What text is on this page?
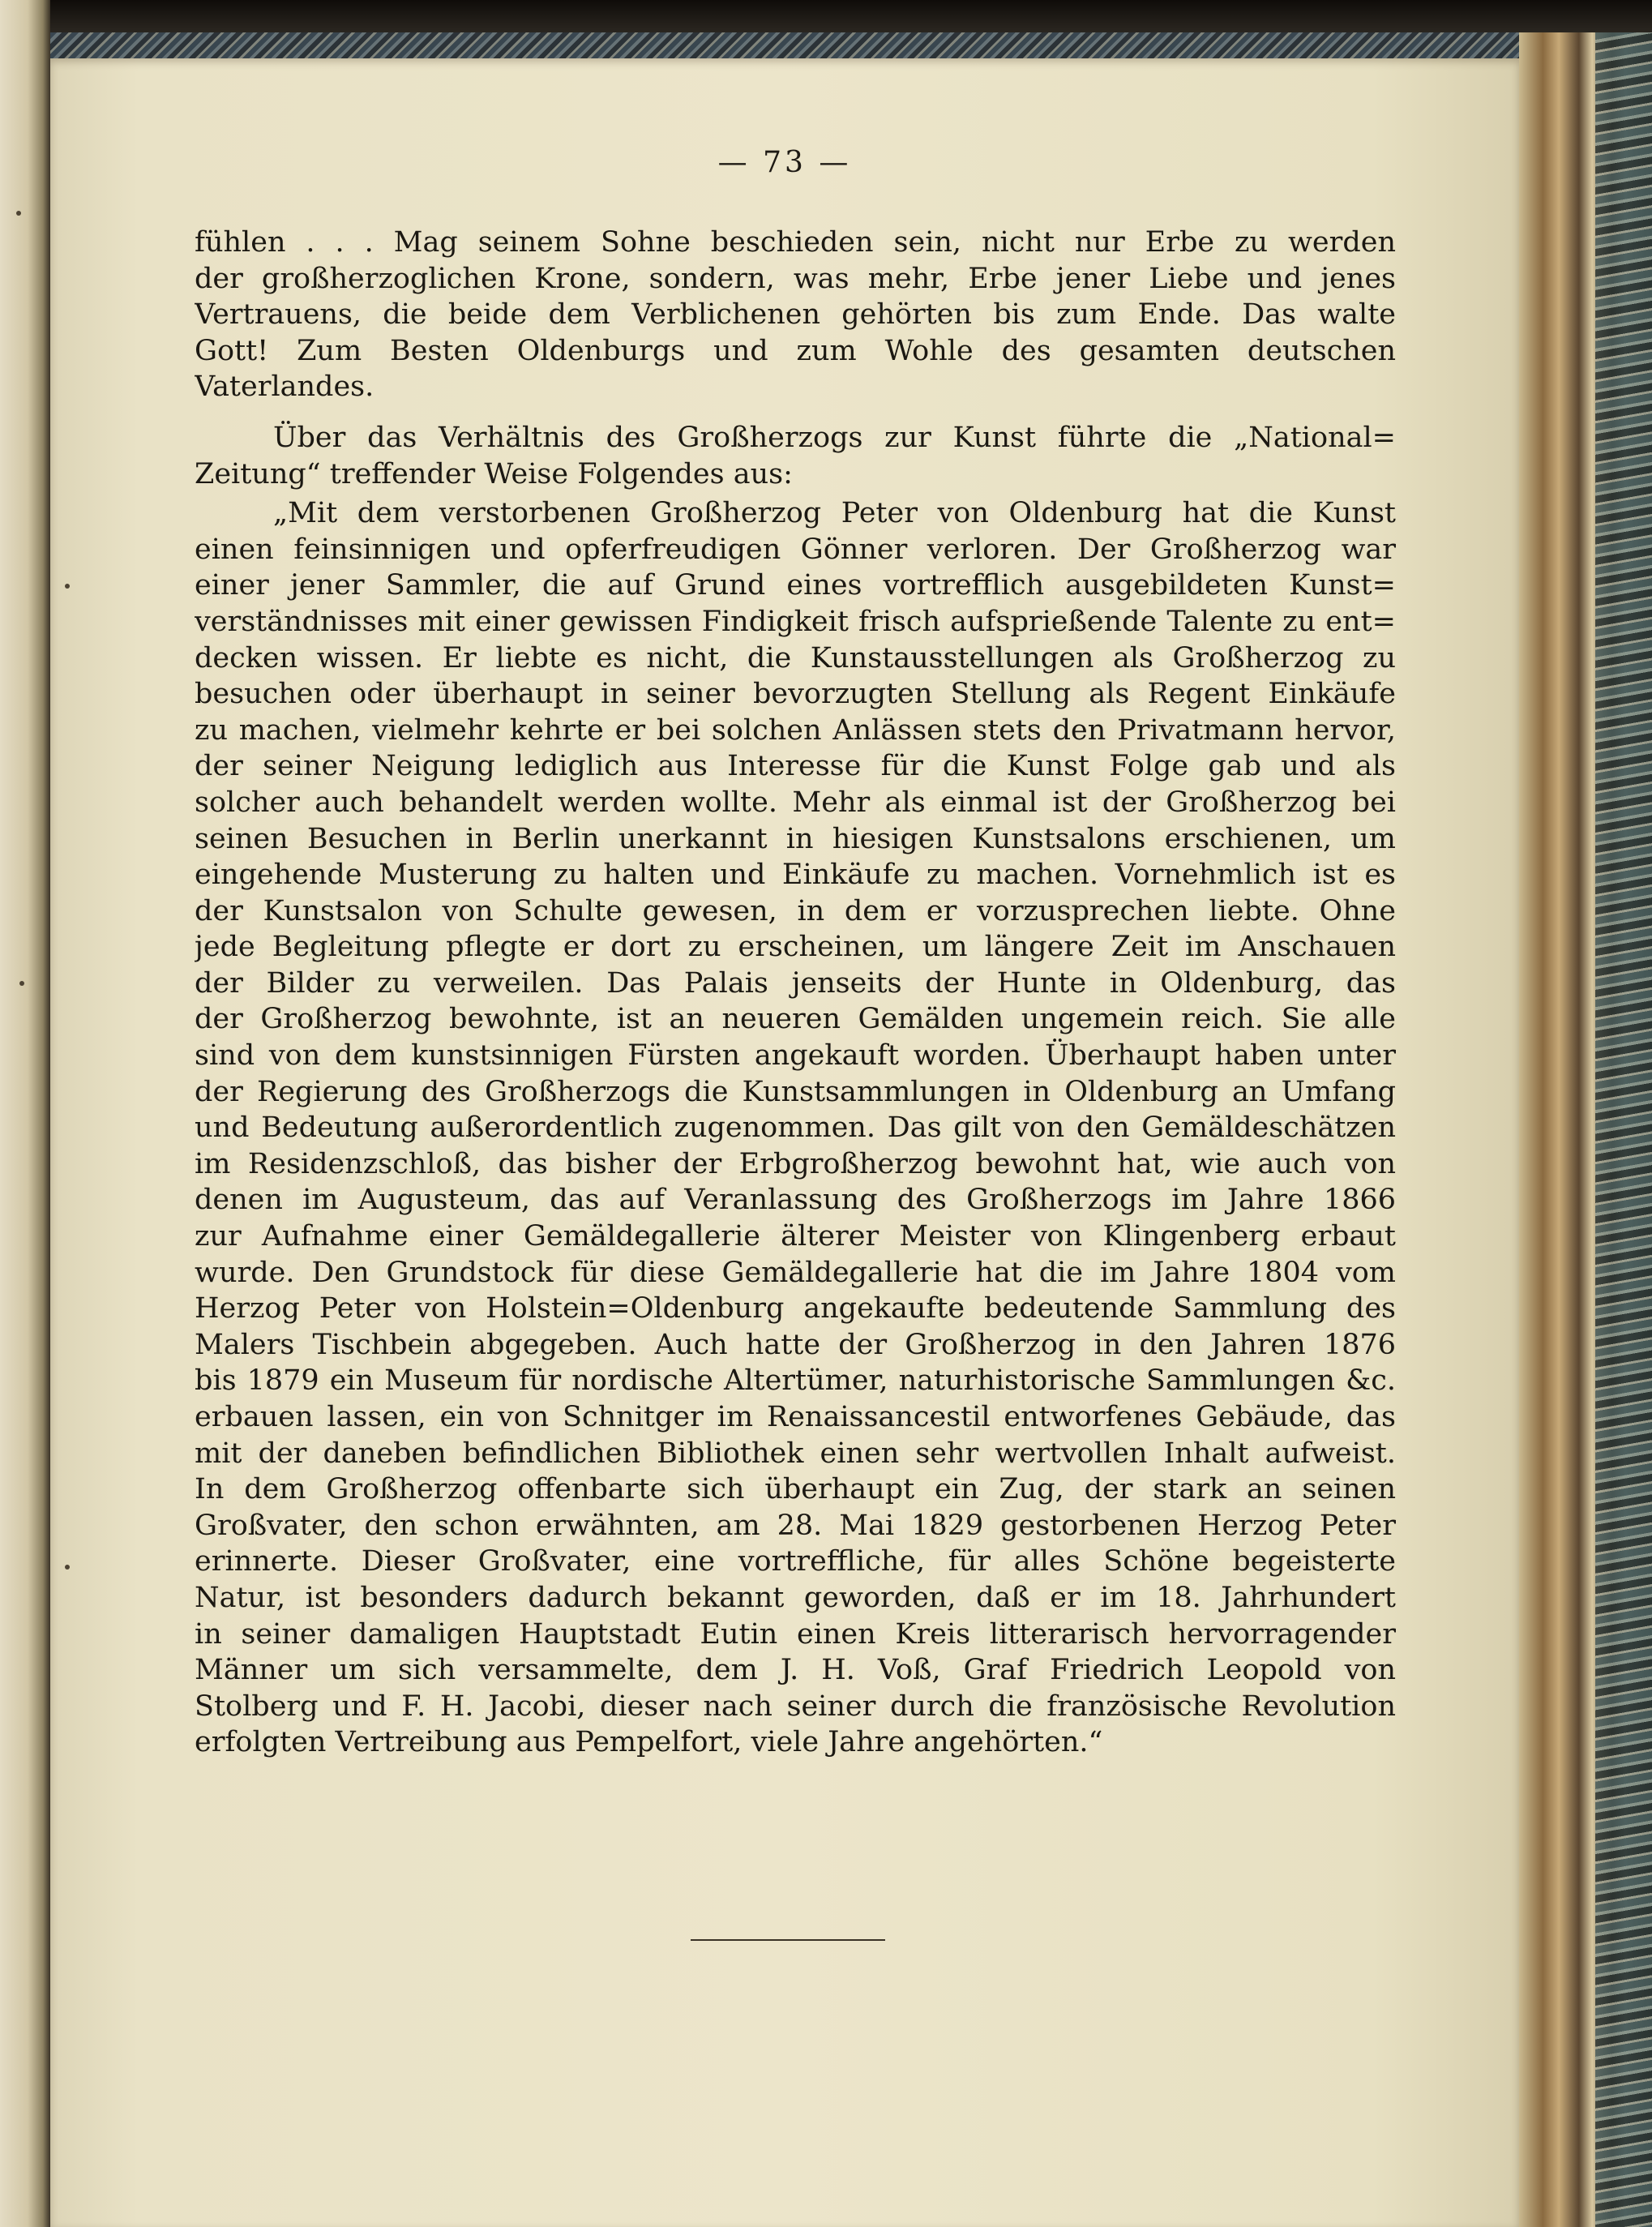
— 73 —
fühlen . . . Mag seinem Sohne beschieden sein, nicht nur Erbe zu werden
der großherzoglichen Krone, sondern, was mehr, Erbe jener Liebe und jenes
Vertrauens, die beide dem Verblichenen gehörten bis zum Ende. Das walte
Gott! Zum Besten Oldenburgs und zum Wohle des gesamten deutschen
Vaterlandes.
Über das Verhältnis des Großherzogs zur Kunst führte die „National=
Zeitung“ treffender Weise Folgendes aus:
„Mit dem verstorbenen Großherzog Peter von Oldenburg hat die Kunst
einen feinsinnigen und opferfreudigen Gönner verloren. Der Großherzog war
einer jener Sammler, die auf Grund eines vortrefflich ausgebildeten Kunst=
verständnisses mit einer gewissen Findigkeit frisch aufsprießende Talente zu ent=
decken wissen. Er liebte es nicht, die Kunstausstellungen als Großherzog zu
besuchen oder überhaupt in seiner bevorzugten Stellung als Regent Einkäufe
zu machen, vielmehr kehrte er bei solchen Anlässen stets den Privatmann hervor,
der seiner Neigung lediglich aus Interesse für die Kunst Folge gab und als
solcher auch behandelt werden wollte. Mehr als einmal ist der Großherzog bei
seinen Besuchen in Berlin unerkannt in hiesigen Kunstsalons erschienen, um
eingehende Musterung zu halten und Einkäufe zu machen. Vornehmlich ist es
der Kunstsalon von Schulte gewesen, in dem er vorzusprechen liebte. Ohne
jede Begleitung pflegte er dort zu erscheinen, um längere Zeit im Anschauen
der Bilder zu verweilen. Das Palais jenseits der Hunte in Oldenburg, das
der Großherzog bewohnte, ist an neueren Gemälden ungemein reich. Sie alle
sind von dem kunstsinnigen Fürsten angekauft worden. Überhaupt haben unter
der Regierung des Großherzogs die Kunstsammlungen in Oldenburg an Umfang
und Bedeutung außerordentlich zugenommen. Das gilt von den Gemäldeschätzen
im Residenzschloß, das bisher der Erbgroßherzog bewohnt hat, wie auch von
denen im Augusteum, das auf Veranlassung des Großherzogs im Jahre 1866
zur Aufnahme einer Gemäldegallerie älterer Meister von Klingenberg erbaut
wurde. Den Grundstock für diese Gemäldegallerie hat die im Jahre 1804 vom
Herzog Peter von Holstein=Oldenburg angekaufte bedeutende Sammlung des
Malers Tischbein abgegeben. Auch hatte der Großherzog in den Jahren 1876
bis 1879 ein Museum für nordische Altertümer, naturhistorische Sammlungen &c.
erbauen lassen, ein von Schnitger im Renaissancestil entworfenes Gebäude, das
mit der daneben befindlichen Bibliothek einen sehr wertvollen Inhalt aufweist.
In dem Großherzog offenbarte sich überhaupt ein Zug, der stark an seinen
Großvater, den schon erwähnten, am 28. Mai 1829 gestorbenen Herzog Peter
erinnerte. Dieser Großvater, eine vortreffliche, für alles Schöne begeisterte
Natur, ist besonders dadurch bekannt geworden, daß er im 18. Jahrhundert
in seiner damaligen Hauptstadt Eutin einen Kreis litterarisch hervorragender
Männer um sich versammelte, dem J. H. Voß, Graf Friedrich Leopold von
Stolberg und F. H. Jacobi, dieser nach seiner durch die französische Revolution
erfolgten Vertreibung aus Pempelfort, viele Jahre angehörten.“
